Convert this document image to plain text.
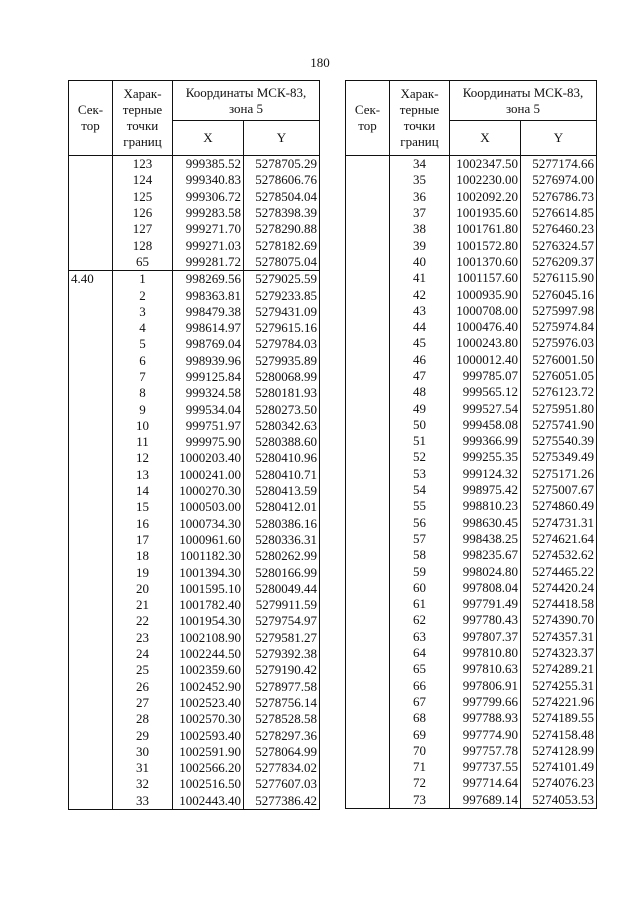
180
Сек-тор	Харак-терные точки границ	Координаты МСК-83, зона 5	
		X	Y
	123	999385.52	5278705.29
	124	999340.83	5278606.76
	125	999306.72	5278504.04
	126	999283.58	5278398.39
	127	999271.70	5278290.88
	128	999271.03	5278182.69
	65	999281.72	5278075.04
4.40	1	998269.56	5279025.59
	2	998363.81	5279233.85
	3	998479.38	5279431.09
	4	998614.97	5279615.16
	5	998769.04	5279784.03
	6	998939.96	5279935.89
	7	999125.84	5280068.99
	8	999324.58	5280181.93
	9	999534.04	5280273.50
	10	999751.97	5280342.63
	11	999975.90	5280388.60
	12	1000203.40	5280410.96
	13	1000241.00	5280410.71
	14	1000270.30	5280413.59
	15	1000503.00	5280412.01
	16	1000734.30	5280386.16
	17	1000961.60	5280336.31
	18	1001182.30	5280262.99
	19	1001394.30	5280166.99
	20	1001595.10	5280049.44
	21	1001782.40	5279911.59
	22	1001954.30	5279754.97
	23	1002108.90	5279581.27
	24	1002244.50	5279392.38
	25	1002359.60	5279190.42
	26	1002452.90	5278977.58
	27	1002523.40	5278756.14
	28	1002570.30	5278528.58
	29	1002593.40	5278297.36
	30	1002591.90	5278064.99
	31	1002566.20	5277834.02
	32	1002516.50	5277607.03
	33	1002443.40	5277386.42
Сек-тор	Харак-терные точки границ	Координаты МСК-83, зона 5	
		X	Y
	34	1002347.50	5277174.66
	35	1002230.00	5276974.00
	36	1002092.20	5276786.73
	37	1001935.60	5276614.85
	38	1001761.80	5276460.23
	39	1001572.80	5276324.57
	40	1001370.60	5276209.37
	41	1001157.60	5276115.90
	42	1000935.90	5276045.16
	43	1000708.00	5275997.98
	44	1000476.40	5275974.84
	45	1000243.80	5275976.03
	46	1000012.40	5276001.50
	47	999785.07	5276051.05
	48	999565.12	5276123.72
	49	999527.54	5275951.80
	50	999458.08	5275741.90
	51	999366.99	5275540.39
	52	999255.35	5275349.49
	53	999124.32	5275171.26
	54	998975.42	5275007.67
	55	998810.23	5274860.49
	56	998630.45	5274731.31
	57	998438.25	5274621.64
	58	998235.67	5274532.62
	59	998024.80	5274465.22
	60	997808.04	5274420.24
	61	997791.49	5274418.58
	62	997780.43	5274390.70
	63	997807.37	5274357.31
	64	997810.80	5274323.37
	65	997810.63	5274289.21
	66	997806.91	5274255.31
	67	997799.66	5274221.96
	68	997788.93	5274189.55
	69	997774.90	5274158.48
	70	997757.78	5274128.99
	71	997737.55	5274101.49
	72	997714.64	5274076.23
	73	997689.14	5274053.53
